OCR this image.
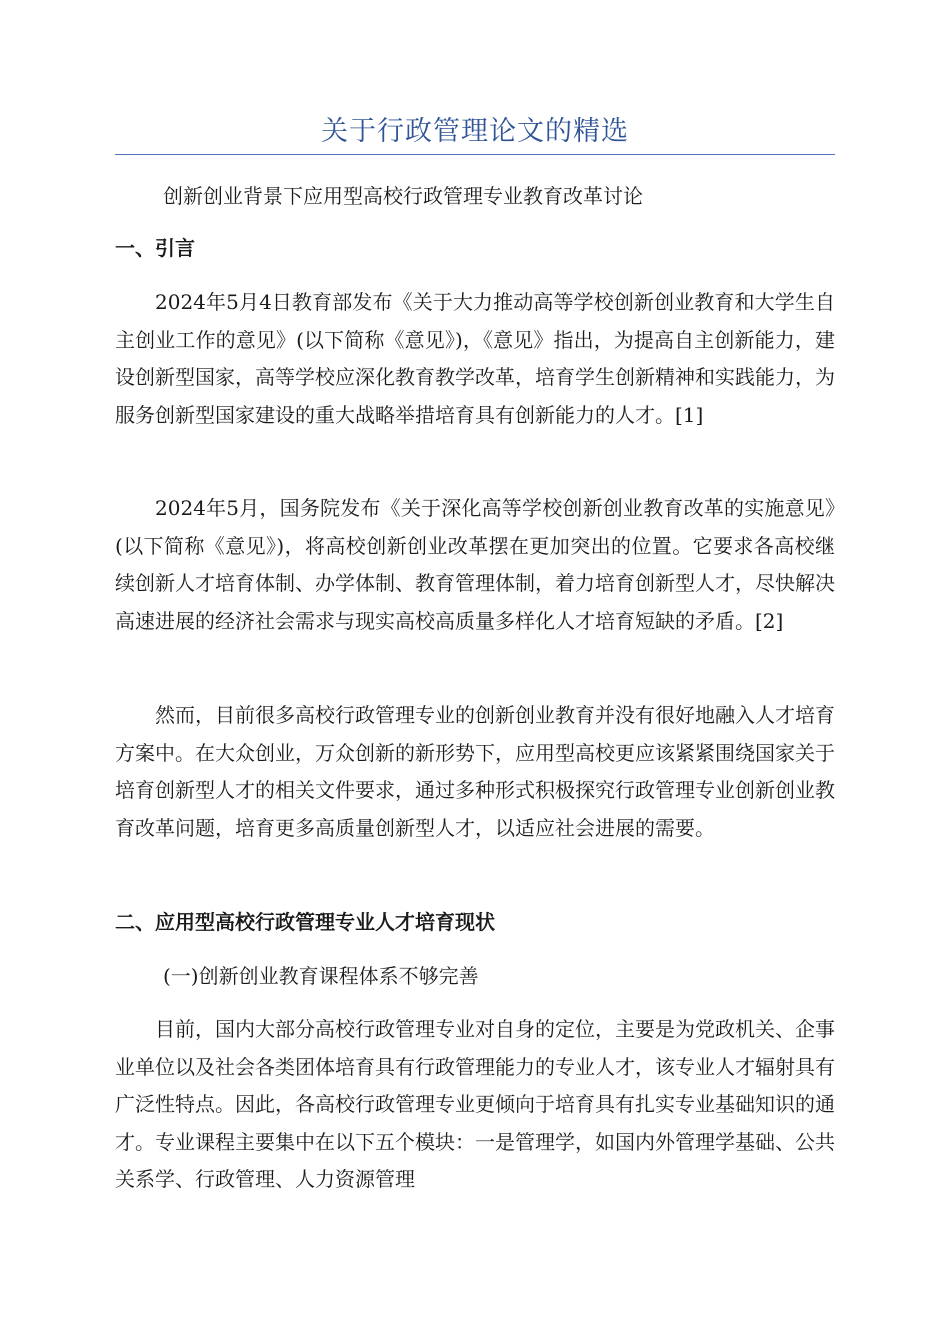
关于行政管理论文的精选
创新创业背景下应用型高校行政管理专业教育改革讨论
一、引言

2024年5月4日教育部发布《关于大力推动高等学校创新创业教育和大学生自主创业工作的意见》(以下简称《意见》)，《意见》指出，为提高自主创新能力，建设创新型国家，高等学校应深化教育教学改革，培育学生创新精神和实践能力，为服务创新型国家建设的重大战略举措培育具有创新能力的人才。[1]

2024年5月，国务院发布《关于深化高等学校创新创业教育改革的实施意见》(以下简称《意见》)，将高校创新创业改革摆在更加突出的位置。它要求各高校继续创新人才培育体制、办学体制、教育管理体制，着力培育创新型人才，尽快解决高速进展的经济社会需求与现实高校高质量多样化人才培育短缺的矛盾。[2]

然而，目前很多高校行政管理专业的创新创业教育并没有很好地融入人才培育方案中。在大众创业，万众创新的新形势下，应用型高校更应该紧紧围绕国家关于培育创新型人才的相关文件要求，通过多种形式积极探究行政管理专业创新创业教育改革问题，培育更多高质量创新型人才，以适应社会进展的需要。

二、应用型高校行政管理专业人才培育现状
(一)创新创业教育课程体系不够完善

目前，国内大部分高校行政管理专业对自身的定位，主要是为党政机关、企事业单位以及社会各类团体培育具有行政管理能力的专业人才，该专业人才辐射具有广泛性特点。因此，各高校行政管理专业更倾向于培育具有扎实专业基础知识的通才。专业课程主要集中在以下五个模块：一是管理学，如国内外管理学基础、公共关系学、行政管理、人力资源管理
